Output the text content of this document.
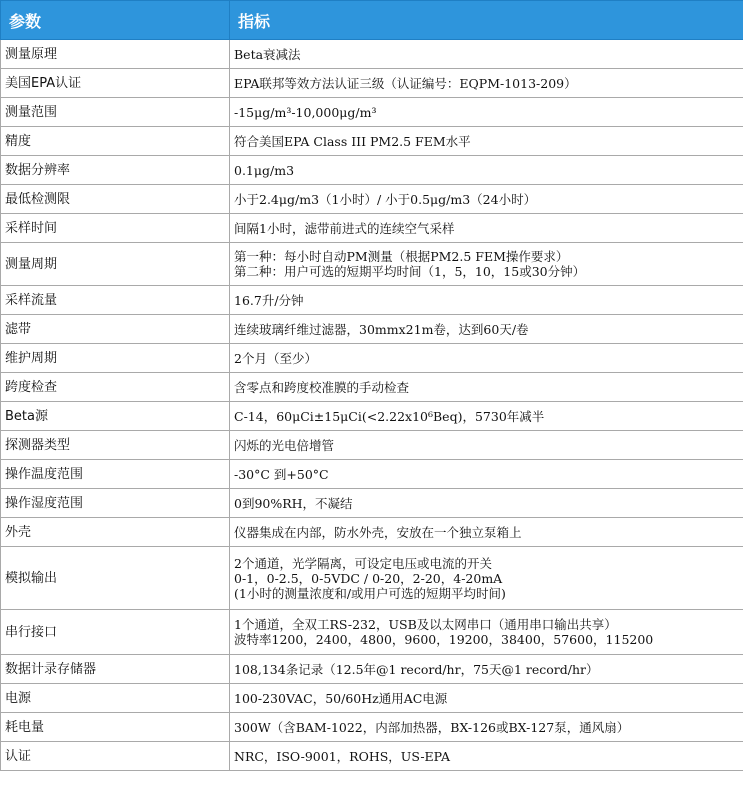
参数	指标
测量原理	Beta衰减法

美国EPA认证	EPA联邦等效方法认证三级（认证编号：EQPM-1013-209）

测量范围	-15μg/m³-10,000μg/m³

精度	符合美国EPA Class III PM2.5 FEM水平

数据分辨率	0.1μg/m3

最低检测限	小于2.4μg/m3（1小时）/ 小于0.5μg/m3（24小时）

采样时间	间隔1小时，滤带前进式的连续空气采样

测量周期	第一种：每小时自动PM测量（根据PM2.5 FEM操作要求）
第二种：用户可选的短期平均时间（1，5，10，15或30分钟）

采样流量	16.7升/分钟

滤带	连续玻璃纤维过滤器，30mmx21m卷，达到60天/卷

维护周期	2个月（至少）

跨度检查	含零点和跨度校准膜的手动检查

Beta源	C-14，60μCi±15μCi(<2.22x10⁶Beq)，5730年减半

探测器类型	闪烁的光电倍增管

操作温度范围	-30°C 到+50°C

操作湿度范围	0到90%RH，不凝结

外壳	仪器集成在内部，防水外壳，安放在一个独立泵箱上

模拟输出	2个通道，光学隔离，可设定电压或电流的开关
0-1，0-2.5，0-5VDC / 0-20，2-20，4-20mA
(1小时的测量浓度和/或用户可选的短期平均时间)

串行接口	1个通道，全双工RS-232，USB及以太网串口（通用串口输出共享）
波特率1200，2400，4800，9600，19200，38400，57600，115200

数据计录存储器	108,134条记录（12.5年@1 record/hr，75天@1 record/hr）

电源	100-230VAC，50/60Hz通用AC电源

耗电量	300W（含BAM-1022，内部加热器，BX-126或BX-127泵，通风扇）

认证	NRC，ISO-9001，ROHS，US-EPA
